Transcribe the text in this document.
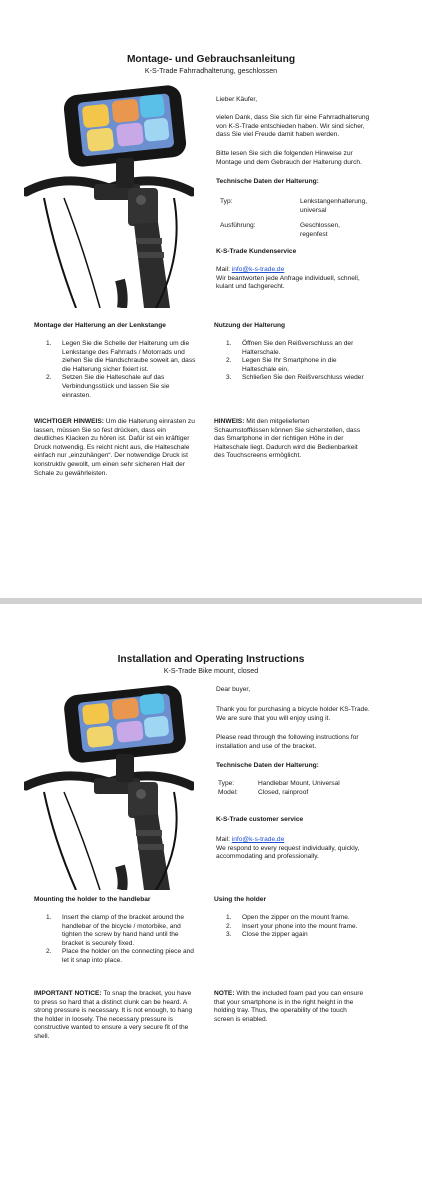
Montage- und Gebrauchsanleitung
K-S-Trade Fahrradhalterung, geschlossen
Lieber Käufer,
vielen Dank, dass Sie sich für eine Fahrradhalterung
von K-S-Trade entschieden haben. Wir sind sicher,
dass Sie viel Freude damit haben werden.
Bitte lesen Sie sich die folgenden Hinweise zur
Montage und dem Gebrauch der Halterung durch.
Technische Daten der Halterung:
Typ:	Lenkstangenhalterung,
universal
Ausführung:	Geschlossen,
regenfest
K-S-Trade Kundenservice
Mail: info@k-s-trade.de
Wir beantworten jede Anfrage individuell, schnell,
kulant und fachgerecht.
Montage der Halterung an der Lenkstange
1. Legen Sie die Schelle der Halterung um die
Lenkstange des Fahrrads / Motorrads und
ziehen Sie die Handschraube soweit an, dass
die Halterung sicher fixiert ist.
2. Setzen Sie die Halteschale auf das
Verbindungsstück und lassen Sie sie
einrasten.
Nutzung der Halterung
1. Öffnen Sie den Reißverschluss an der
Halterschale.
2. Legen Sie Ihr Smartphone in die
Halteschale ein.
3. Schließen Sie den Reißverschluss wieder
WICHTIGER HINWEIS: Um die Halterung einrasten zu
lassen, müssen Sie so fest drücken, dass ein
deutliches Klacken zu hören ist. Dafür ist ein kräftiger
Druck notwendig. Es reicht nicht aus, die Halteschale
einfach nur „einzuhängen“. Der notwendige Druck ist
konstruktiv gewollt, um einen sehr sicheren Halt der
Schale zu gewährleisten.
HINWEIS: Mit den mitgelieferten
Schaumstoffkissen können Sie sicherstellen, dass
das Smartphone in der richtigen Höhe in der
Halteschale liegt. Dadurch wird die Bedienbarkeit
des Touchscreens ermöglicht.
Installation and Operating Instructions
K-S-Trade Bike mount, closed
Dear buyer,
Thank you for purchasing a bicycle holder KS-Trade.
We are sure that you will enjoy using it.
Please read through the following instructions for
installation and use of the bracket.
Technische Daten der Halterung:
Type:	Handlebar Mount, Universal
Model:	Closed, rainproof
K-S-Trade customer service
Mail: info@k-s-trade.de
We respond to every request individually, quickly,
accommodating and professionally.
Mounting the holder to the handlebar
1. Insert the clamp of the bracket around the
handlebar of the bicycle / motorbike, and
tighten the screw by hand hand until the
bracket is securely fixed.
2. Place the holder on the connecting piece and
let it snap into place.
Using the holder
1. Open the zipper on the mount frame.
2. Insert your phone into the mount frame.
3. Close the zipper again
IMPORTANT NOTICE: To snap the bracket, you have
to press so hard that a distinct clunk can be heard. A
strong pressure is necessary. It is not enough, to hang
the holder in loosely. The necessary pressure is
constructive wanted to ensure a very secure fit of the
shell.
NOTE: With the included foam pad you can ensure
that your smartphone is in the right height in the
holding tray. Thus, the operability of the touch
screen is enabled.
